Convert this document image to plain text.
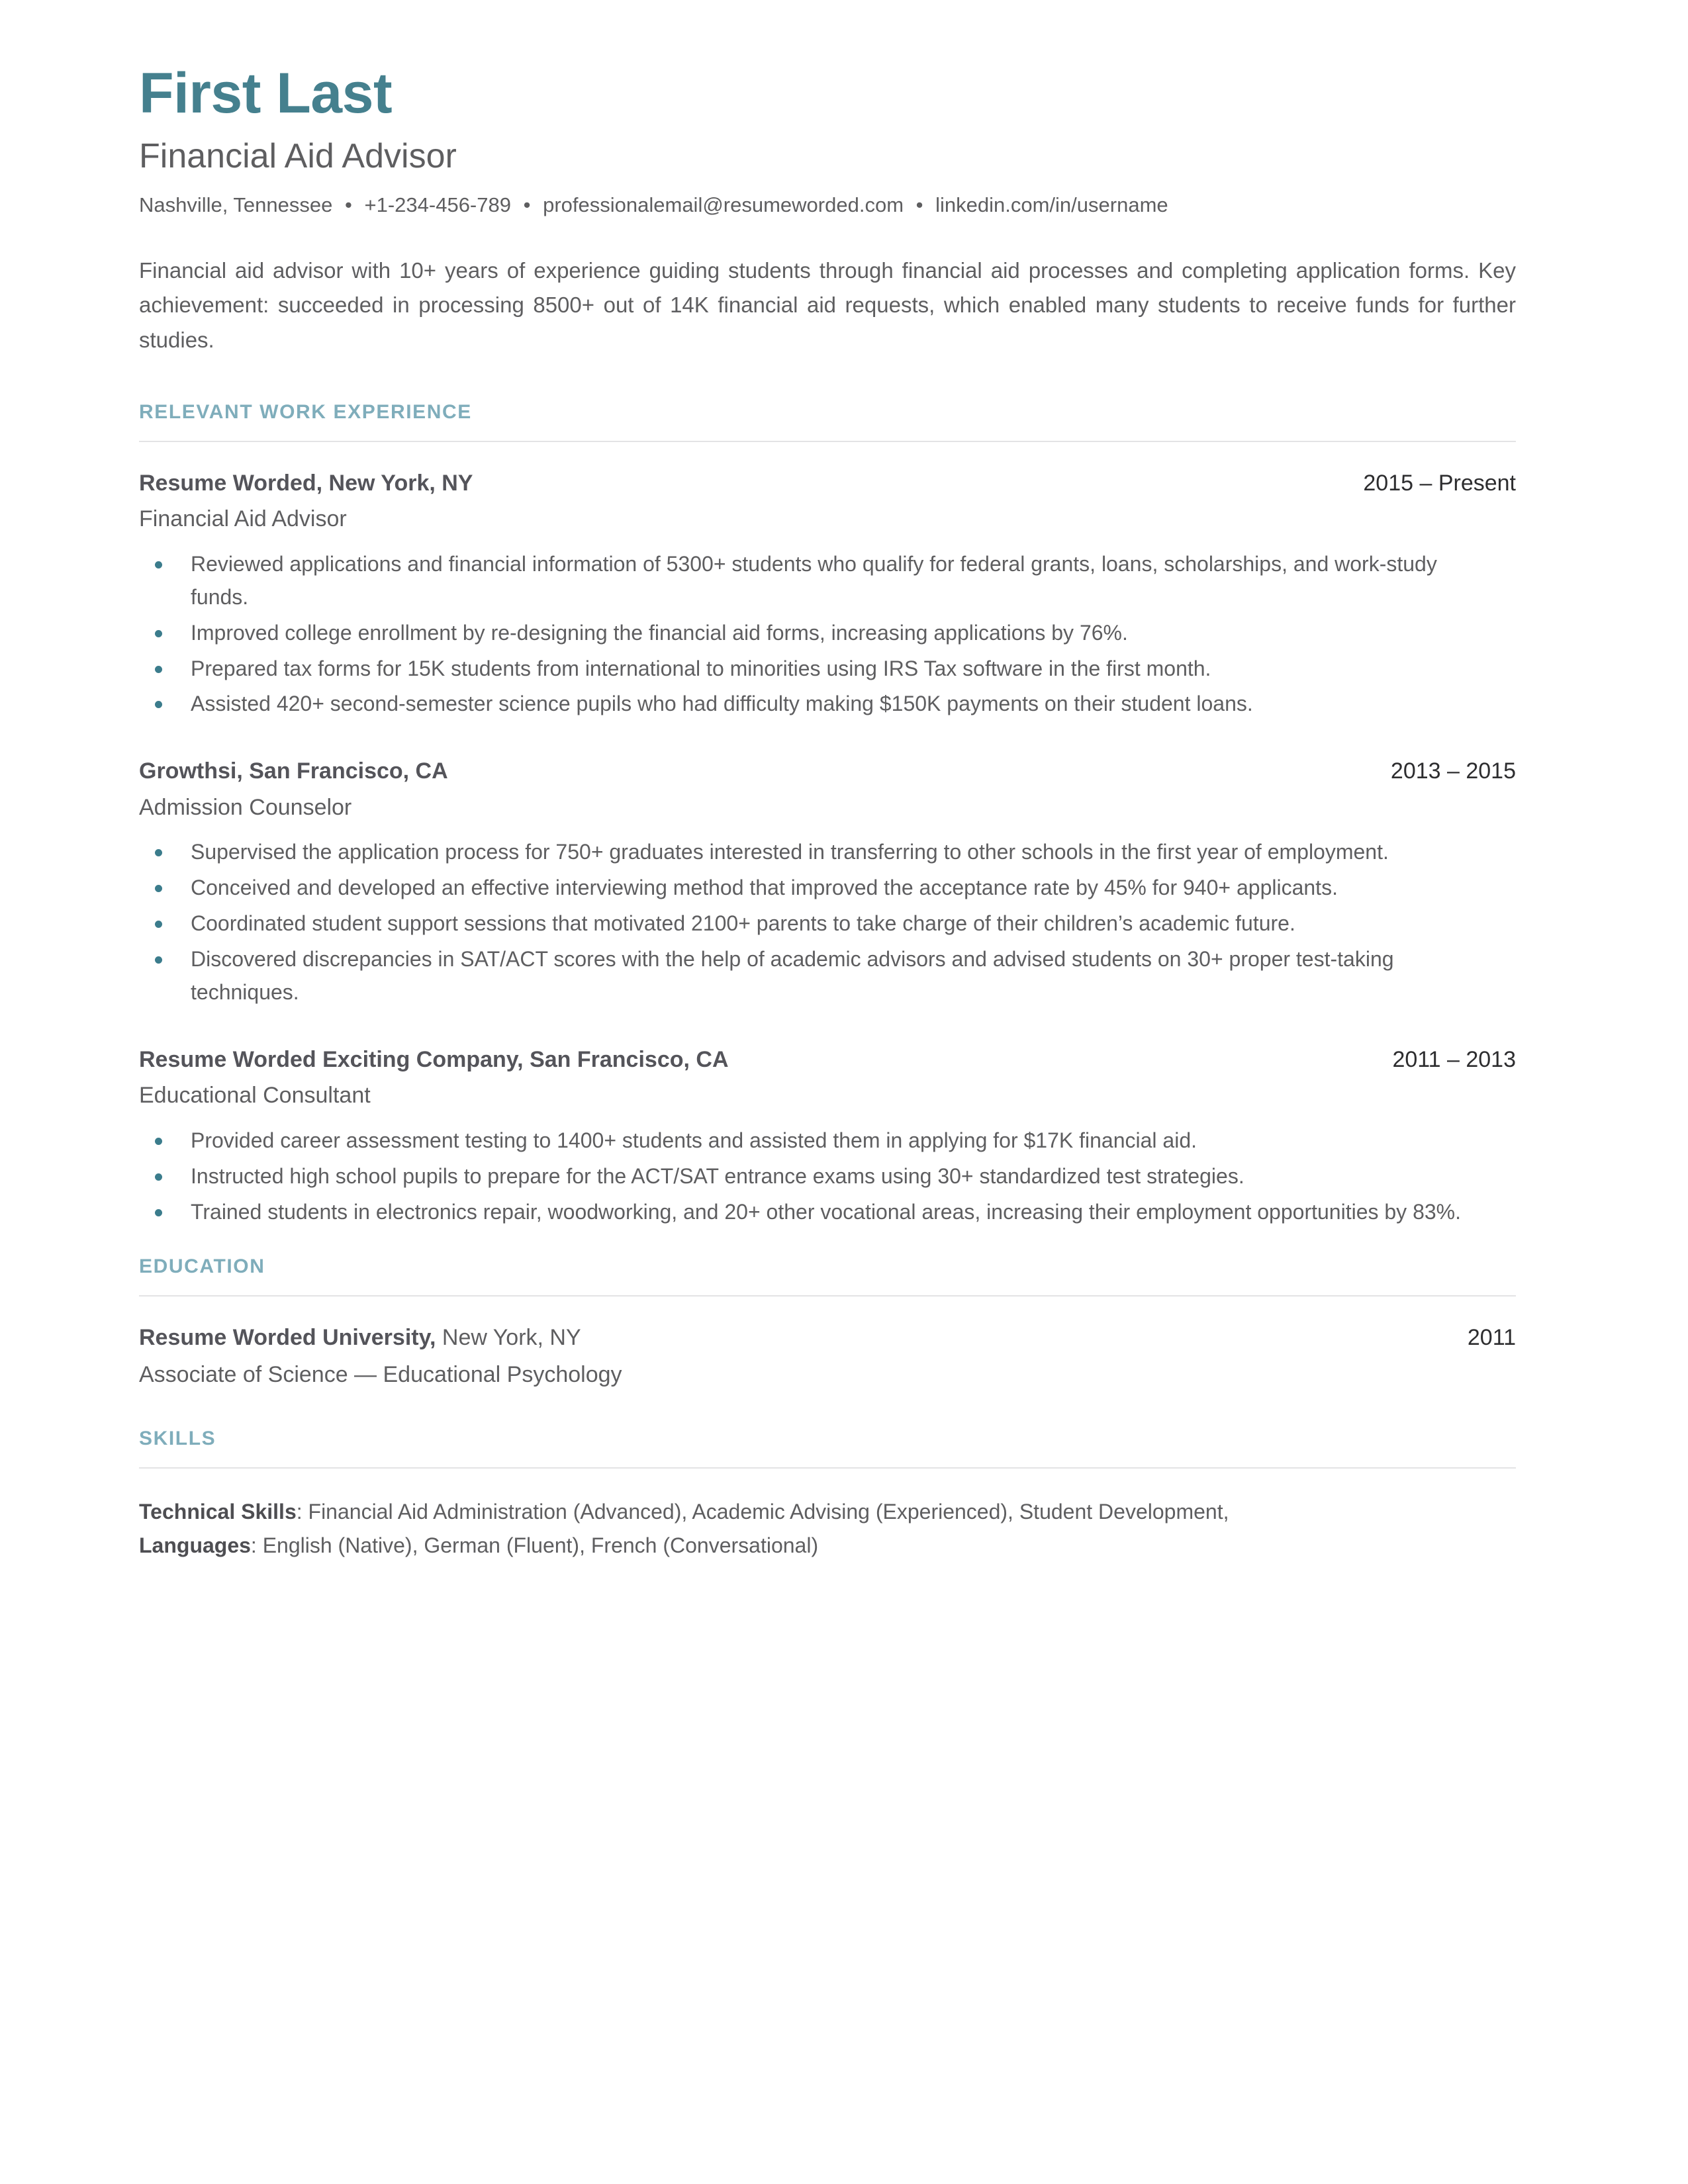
First Last
Financial Aid Advisor
Nashville, Tennessee • +1-234-456-789 • professionalemail@resumeworded.com • linkedin.com/in/username
Financial aid advisor with 10+ years of experience guiding students through financial aid processes and completing application forms. Key achievement: succeeded in processing 8500+ out of 14K financial aid requests, which enabled many students to receive funds for further studies.
RELEVANT WORK EXPERIENCE
Resume Worded, New York, NY	2015 – Present
Financial Aid Advisor
Reviewed applications and financial information of 5300+ students who qualify for federal grants, loans, scholarships, and work-study funds.
Improved college enrollment by re-designing the financial aid forms, increasing applications by 76%.
Prepared tax forms for 15K students from international to minorities using IRS Tax software in the first month.
Assisted 420+ second-semester science pupils who had difficulty making $150K payments on their student loans.
Growthsi, San Francisco, CA	2013 – 2015
Admission Counselor
Supervised the application process for 750+ graduates interested in transferring to other schools in the first year of employment.
Conceived and developed an effective interviewing method that improved the acceptance rate by 45% for 940+ applicants.
Coordinated student support sessions that motivated 2100+ parents to take charge of their children’s academic future.
Discovered discrepancies in SAT/ACT scores with the help of academic advisors and advised students on 30+ proper test-taking techniques.
Resume Worded Exciting Company, San Francisco, CA	2011 – 2013
Educational Consultant
Provided career assessment testing to 1400+ students and assisted them in applying for $17K financial aid.
Instructed high school pupils to prepare for the ACT/SAT entrance exams using 30+ standardized test strategies.
Trained students in electronics repair, woodworking, and 20+ other vocational areas, increasing their employment opportunities by 83%.
EDUCATION
Resume Worded University, New York, NY	2011
Associate of Science — Educational Psychology
SKILLS
Technical Skills: Financial Aid Administration (Advanced), Academic Advising (Experienced), Student Development,
Languages: English (Native), German (Fluent), French (Conversational)
